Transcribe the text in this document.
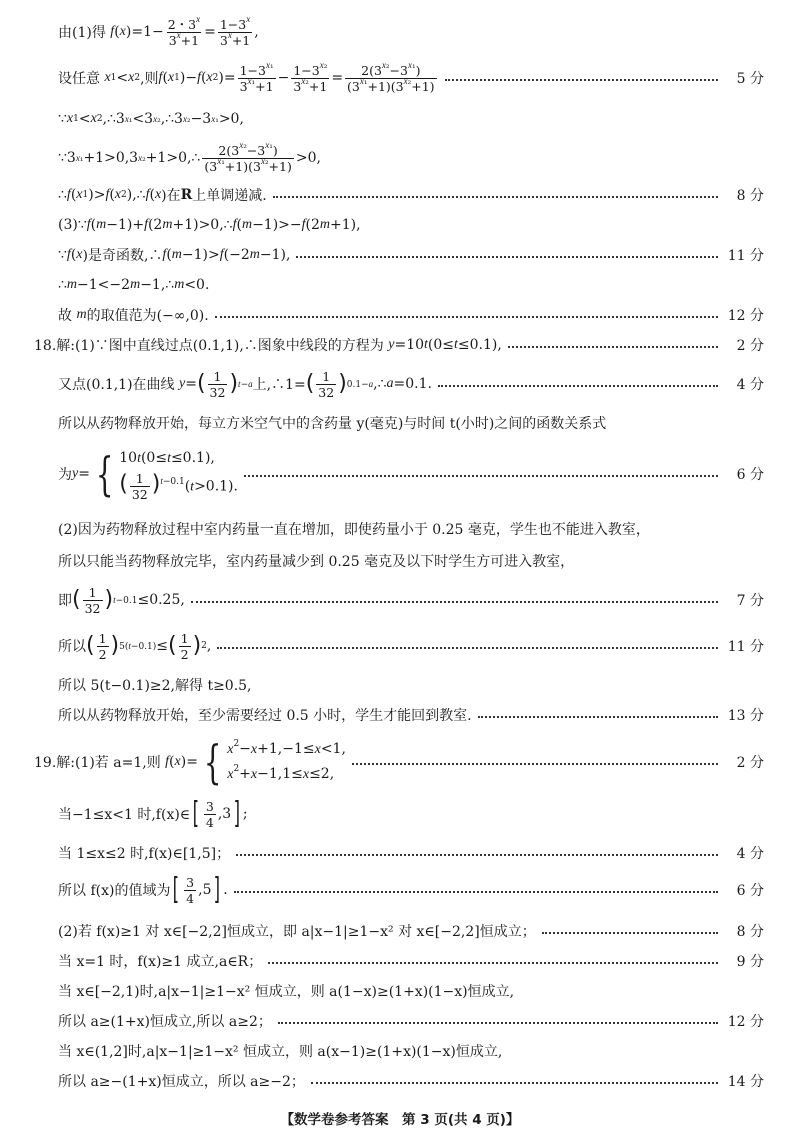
由(1)得
f ( x )$=1- \frac{2・3^x}{3^x+1} = \frac{1-3^x}{3^x+1}$ ,
设任意
x 1 < x 2 ,则 f ( x 1 )− f ( x 2 )= $\frac{1-3^{x_1}}{3^{x_1}+1} - \frac{1-3^{x_2}}{3^{x_2}+1} = \frac{2(3^{x_2}-3^{x_1})}{(3^{x_1}+1)(3^{x_2}+1)}$	5 分
∵ x 1 < x 2 ,∴3 x₁ <3 x₂ ,∴3 x₂ −3 x₁ >0,
∵ 3 x₁ +1>0,3 x₂ +1>0,∴ $\frac{2(3^{x_2}-3^{x_1})}{(3^{x_1}+1)(3^{x_2}+1)} >0$,
∴ f ( x 1 )> f ( x 2 ),∴ f ( x )在 R 上单调递减.	8 分
(3)∵ f ( m −1)+ f (2 m +1)>0,∴ f ( m −1)>− f (2 m +1),
∵ f ( x )是奇函数,∴ f ( m −1)> f (−2 m −1),	11 分
∴ m −1<−2 m −1,∴ m <0.
故
m 的取值范为(−∞,0).	12 分
18.解:(1)∵图中直线过点(0.1,1),∴图象中线段的方程为
y =10 t (0≤ t ≤0.1),	2 分
又点(0.1,1)在曲线
y = ( $\frac{1}{32}$ ) t−a 上,∴1= ( $\frac{1}{32}$ ) 0.1−a ,∴ a =0.1.	4 分
所以从药物释放开始，每立方米空气中的含药量 y(毫克)与时间 t(小时)之间的函数关系式
为 y = { 10t(0≤t≤0.1),
( $\frac{1}{32} )^{t-0.1}(t>0.1)$.
6 分
(2)因为药物释放过程中室内药量一直在增加，即使药量小于 0.25 毫克，学生也不能进入教室，
所以只能当药物释放完毕，室内药量减少到 0.25 毫克及以下时学生方可进入教室，
即 ( $\frac{1}{32}$ ) t−0.1 ≤0.25,	7 分
所以 ( $\frac{1}{2}$ ) 5(t−0.1) ≤ ( $\frac{1}{2}$ ) 2 ,	11 分
所以 5(t−0.1)≥2,解得 t≥0.5,
所以从药物释放开始，至少需要经过 0.5 小时，学生才能回到教室.	13 分
19.解:(1)若 a=1,则
f ( x )= { $x^2-x+1,-1\le x<1$,
$x^2+x-1,1\le x\le 2$,
2 分
当−1≤x<1 时,f(x)∈ [ $\frac{3}{4} ,3$ ] ;
当 1≤x≤2 时,f(x)∈[1,5]；	4 分
所以 f(x)的值域为 [ $\frac{3}{4} ,5$ ] .	6 分
(2)若 f(x)≥1 对 x∈[−2,2]恒成立，即 a|x−1|≥1−x² 对 x∈[−2,2]恒成立；	8 分
当 x=1 时，f(x)≥1 成立,a∈R；	9 分
当 x∈[−2,1)时,a|x−1|≥1−x² 恒成立，则 a(1−x)≥(1+x)(1−x)恒成立,
所以 a≥(1+x)恒成立,所以 a≥2；	12 分
当 x∈(1,2]时,a|x−1|≥1−x² 恒成立，则 a(x−1)≥(1+x)(1−x)恒成立,
所以 a≥−(1+x)恒成立，所以 a≥−2；	14 分
【数学卷参考答案　第 3 页(共 4 页)】
